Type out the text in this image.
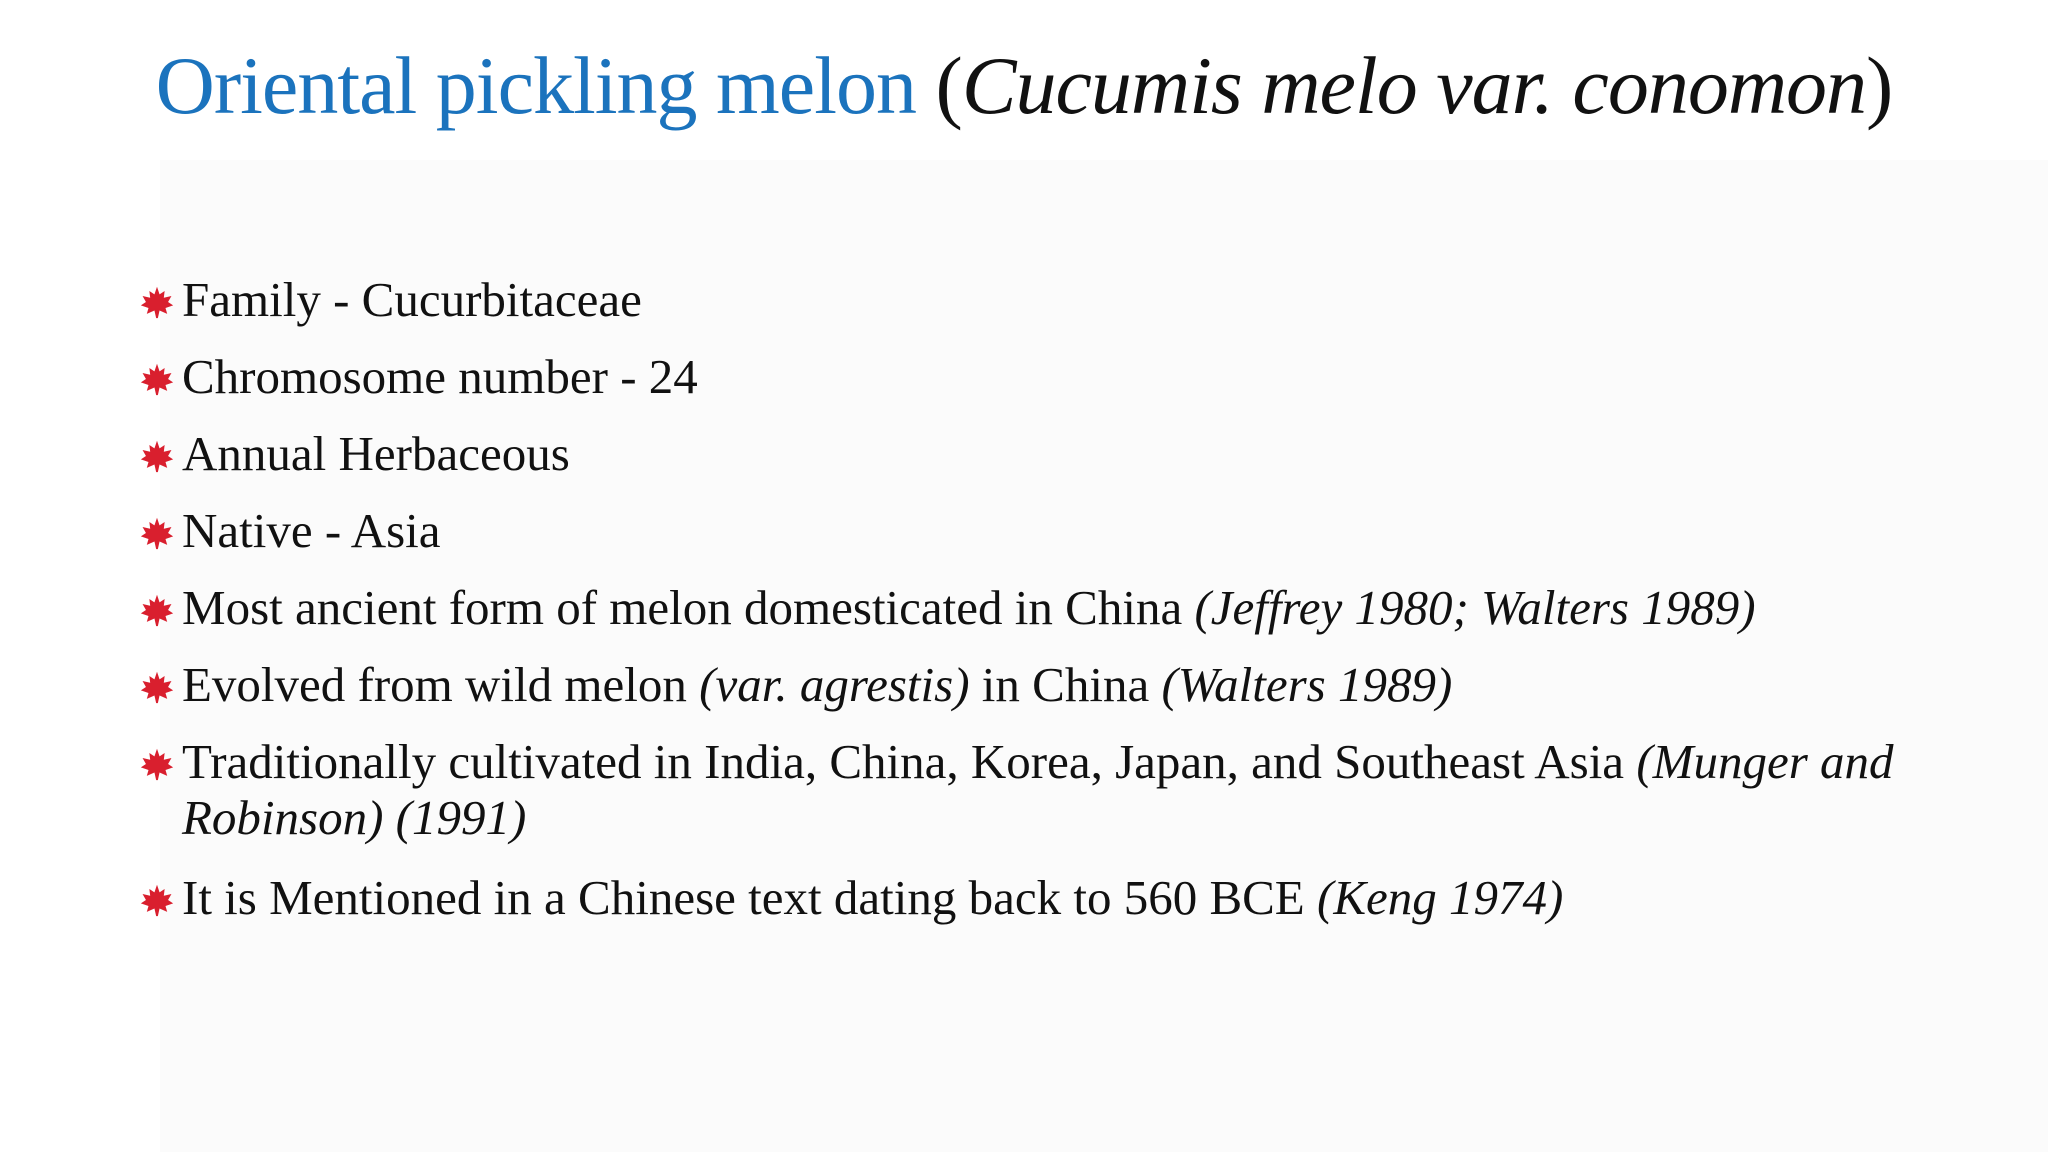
Oriental pickling melon (Cucumis melo var. conomon)
Family - Cucurbitaceae
Chromosome number - 24
Annual Herbaceous
Native - Asia
Most ancient form of melon domesticated in China (Jeffrey 1980; Walters 1989)
Evolved from wild melon (var. agrestis) in China (Walters 1989)
Traditionally cultivated in India, China, Korea, Japan, and Southeast Asia (Munger and Robinson) (1991)
It is Mentioned in a Chinese text dating back to 560 BCE (Keng 1974)
